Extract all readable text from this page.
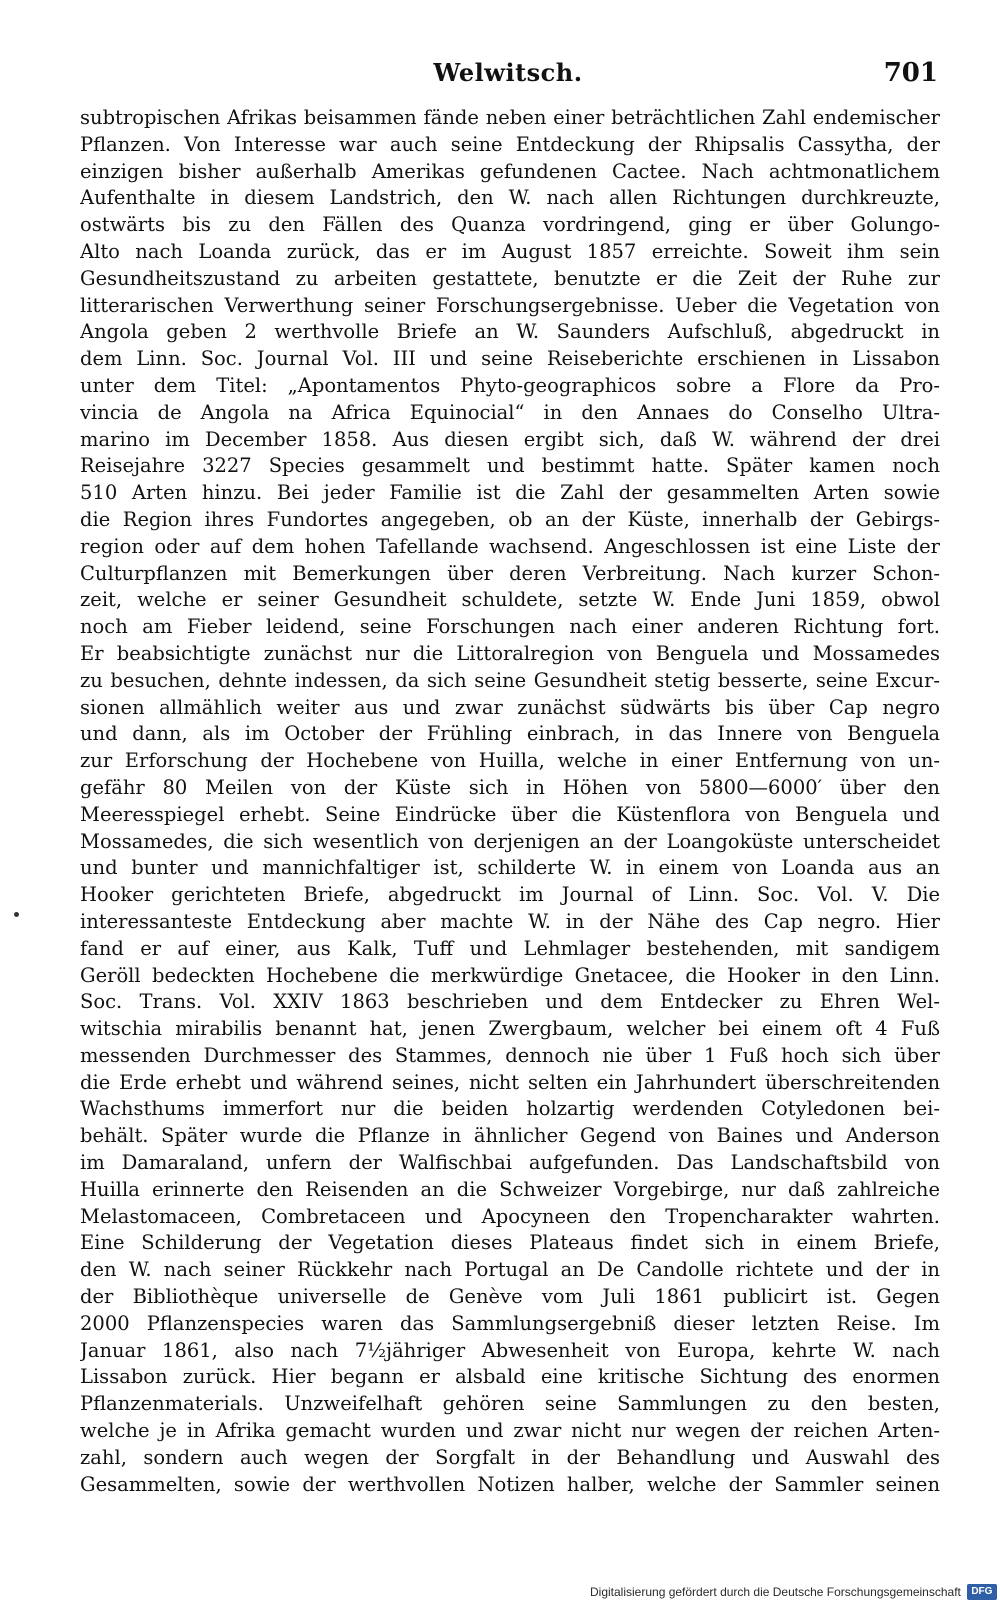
Welwitsch.	701
subtropischen Afrikas beisammen fände neben einer beträchtlichen Zahl endemischer
Pflanzen. Von Interesse war auch seine Entdeckung der Rhipsalis Cassytha, der
einzigen bisher außerhalb Amerikas gefundenen Cactee. Nach achtmonatlichem
Aufenthalte in diesem Landstrich, den W. nach allen Richtungen durchkreuzte,
ostwärts bis zu den Fällen des Quanza vordringend, ging er über Golungo-
Alto nach Loanda zurück, das er im August 1857 erreichte. Soweit ihm sein
Gesundheitszustand zu arbeiten gestattete, benutzte er die Zeit der Ruhe zur
litterarischen Verwerthung seiner Forschungsergebnisse. Ueber die Vegetation von
Angola geben 2 werthvolle Briefe an W. Saunders Aufschluß, abgedruckt in
dem Linn. Soc. Journal Vol. III und seine Reiseberichte erschienen in Lissabon
unter dem Titel: „Apontamentos Phyto-geographicos sobre a Flore da Pro-
vincia de Angola na Africa Equinocial“ in den Annaes do Conselho Ultra-
marino im December 1858. Aus diesen ergibt sich, daß W. während der drei
Reisejahre 3227 Species gesammelt und bestimmt hatte. Später kamen noch
510 Arten hinzu. Bei jeder Familie ist die Zahl der gesammelten Arten sowie
die Region ihres Fundortes angegeben, ob an der Küste, innerhalb der Gebirgs-
region oder auf dem hohen Tafellande wachsend. Angeschlossen ist eine Liste der
Culturpflanzen mit Bemerkungen über deren Verbreitung. Nach kurzer Schon-
zeit, welche er seiner Gesundheit schuldete, setzte W. Ende Juni 1859, obwol
noch am Fieber leidend, seine Forschungen nach einer anderen Richtung fort.
Er beabsichtigte zunächst nur die Littoralregion von Benguela und Mossamedes
zu besuchen, dehnte indessen, da sich seine Gesundheit stetig besserte, seine Excur-
sionen allmählich weiter aus und zwar zunächst südwärts bis über Cap negro
und dann, als im October der Frühling einbrach, in das Innere von Benguela
zur Erforschung der Hochebene von Huilla, welche in einer Entfernung von un-
gefähr 80 Meilen von der Küste sich in Höhen von 5800—6000′ über den
Meeresspiegel erhebt. Seine Eindrücke über die Küstenflora von Benguela und
Mossamedes, die sich wesentlich von derjenigen an der Loangoküste unterscheidet
und bunter und mannichfaltiger ist, schilderte W. in einem von Loanda aus an
Hooker gerichteten Briefe, abgedruckt im Journal of Linn. Soc. Vol. V. Die
interessanteste Entdeckung aber machte W. in der Nähe des Cap negro. Hier
fand er auf einer, aus Kalk, Tuff und Lehmlager bestehenden, mit sandigem
Geröll bedeckten Hochebene die merkwürdige Gnetacee, die Hooker in den Linn.
Soc. Trans. Vol. XXIV 1863 beschrieben und dem Entdecker zu Ehren Wel-
witschia mirabilis benannt hat, jenen Zwergbaum, welcher bei einem oft 4 Fuß
messenden Durchmesser des Stammes, dennoch nie über 1 Fuß hoch sich über
die Erde erhebt und während seines, nicht selten ein Jahrhundert überschreitenden
Wachsthums immerfort nur die beiden holzartig werdenden Cotyledonen bei-
behält. Später wurde die Pflanze in ähnlicher Gegend von Baines und Anderson
im Damaraland, unfern der Walfischbai aufgefunden. Das Landschaftsbild von
Huilla erinnerte den Reisenden an die Schweizer Vorgebirge, nur daß zahlreiche
Melastomaceen, Combretaceen und Apocyneen den Tropencharakter wahrten.
Eine Schilderung der Vegetation dieses Plateaus findet sich in einem Briefe,
den W. nach seiner Rückkehr nach Portugal an De Candolle richtete und der in
der Bibliothèque universelle de Genève vom Juli 1861 publicirt ist. Gegen
2000 Pflanzenspecies waren das Sammlungsergebniß dieser letzten Reise. Im
Januar 1861, also nach 7½jähriger Abwesenheit von Europa, kehrte W. nach
Lissabon zurück. Hier begann er alsbald eine kritische Sichtung des enormen
Pflanzenmaterials. Unzweifelhaft gehören seine Sammlungen zu den besten,
welche je in Afrika gemacht wurden und zwar nicht nur wegen der reichen Arten-
zahl, sondern auch wegen der Sorgfalt in der Behandlung und Auswahl des
Gesammelten, sowie der werthvollen Notizen halber, welche der Sammler seinen
Digitalisierung gefördert durch die Deutsche Forschungsgemeinschaft	DFG
